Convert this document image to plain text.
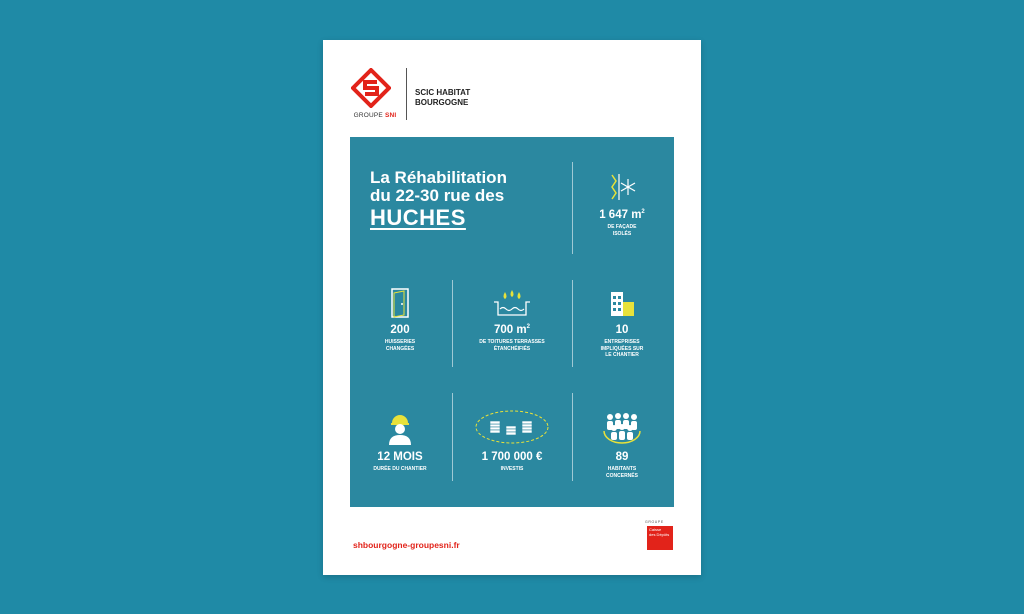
GROUPE SNI
SCIC HABITAT
BOURGOGNE
La Réhabilitation
du 22-30 rue des
HUCHES	1 647 $m^2$
DE FAÇADE
ISOLÉS
200
HUISSERIES
CHANGÉES
700 $m^2$
DE TOITURES TERRASSES
ÉTANCHÉIFIÉS
10
ENTREPRISES
IMPLIQUÉES SUR
LE CHANTIER
12 MOIS
DURÉE DU CHANTIER
1 700 000 €
INVESTIS
89
HABITANTS
CONCERNÉS
shbourgogne-groupesni.fr
GROUPE
Caisse
des Dépôts
